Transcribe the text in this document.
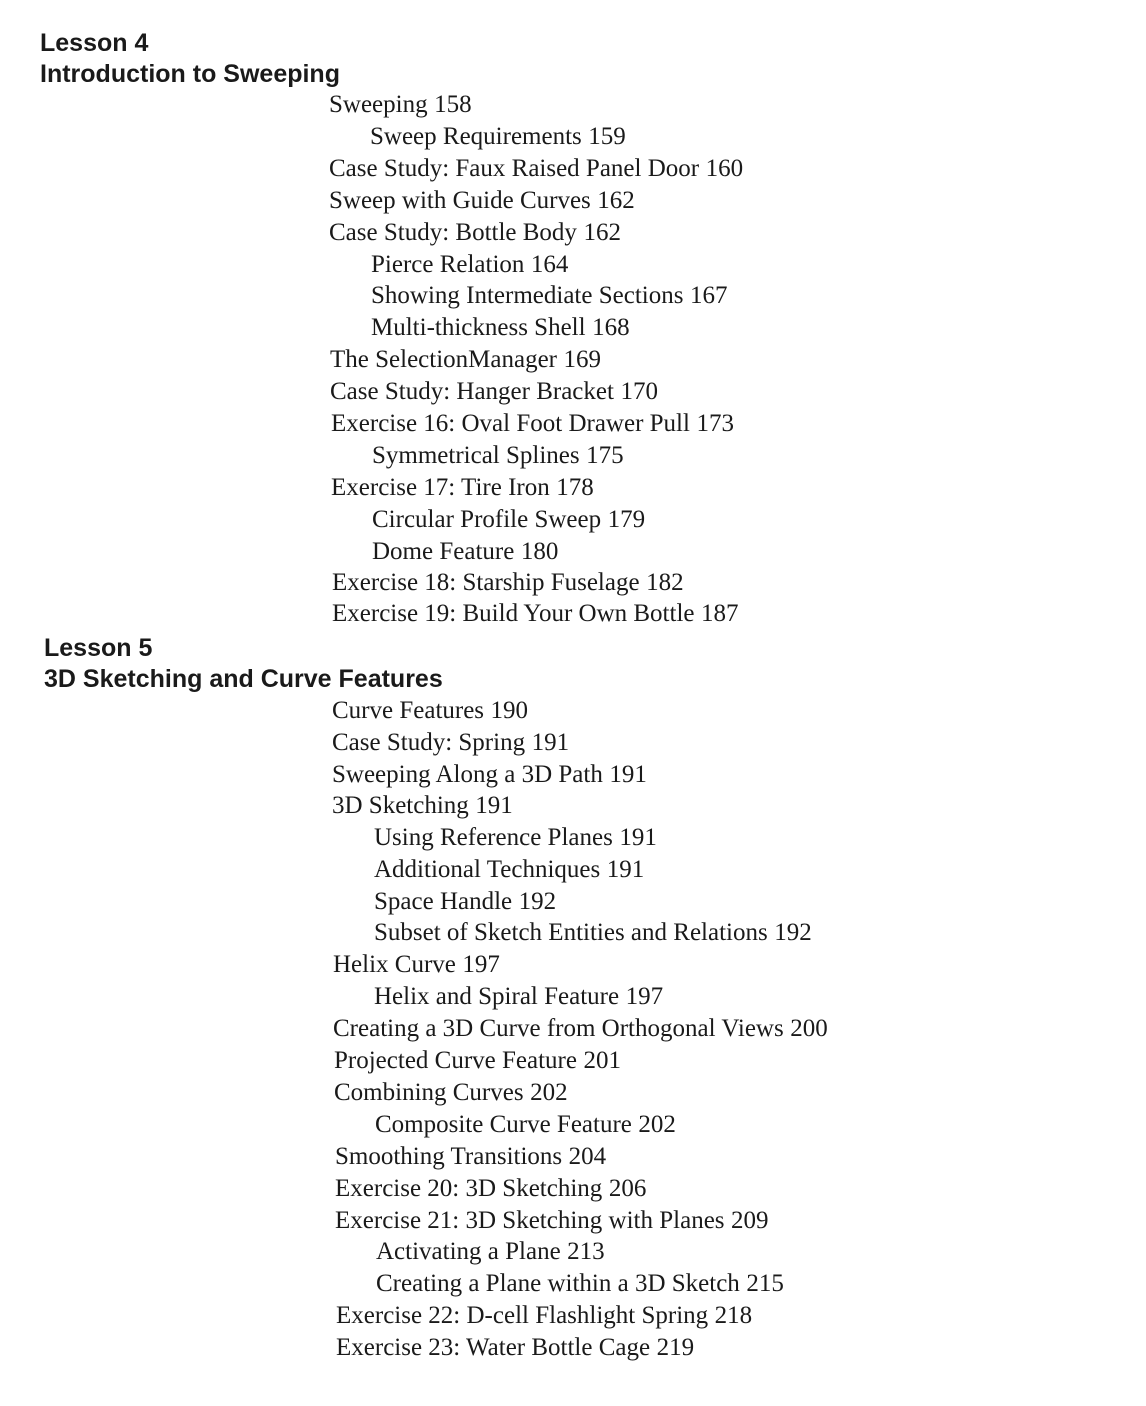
Lesson 4
Introduction to Sweeping
Lesson 5
3D Sketching and Curve Features
Sweeping 158
Sweep Requirements 159
Case Study: Faux Raised Panel Door 160
Sweep with Guide Curves 162
Case Study: Bottle Body 162
Pierce Relation 164
Showing Intermediate Sections 167
Multi-thickness Shell 168
The SelectionManager 169
Case Study: Hanger Bracket 170
Exercise 16: Oval Foot Drawer Pull 173
Symmetrical Splines 175
Exercise 17: Tire Iron 178
Circular Profile Sweep 179
Dome Feature 180
Exercise 18: Starship Fuselage 182
Exercise 19: Build Your Own Bottle 187
Curve Features 190
Case Study: Spring 191
Sweeping Along a 3D Path 191
3D Sketching 191
Using Reference Planes 191
Additional Techniques 191
Space Handle 192
Subset of Sketch Entities and Relations 192
Helix Curve 197
Helix and Spiral Feature 197
Creating a 3D Curve from Orthogonal Views 200
Projected Curve Feature 201
Combining Curves 202
Composite Curve Feature 202
Smoothing Transitions 204
Exercise 20: 3D Sketching 206
Exercise 21: 3D Sketching with Planes 209
Activating a Plane 213
Creating a Plane within a 3D Sketch 215
Exercise 22: D-cell Flashlight Spring 218
Exercise 23: Water Bottle Cage 219
